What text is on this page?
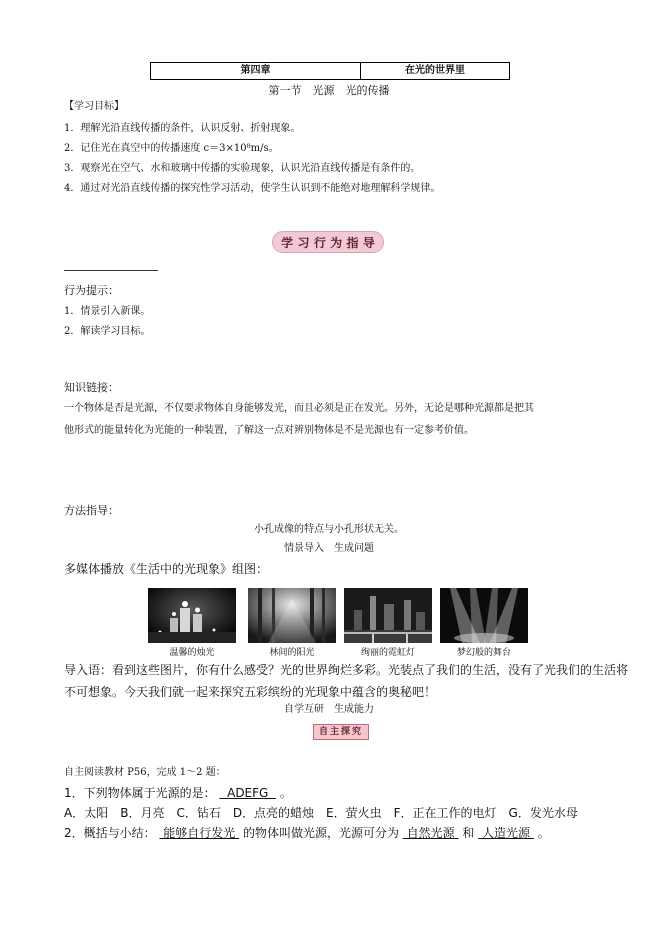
第四章	在光的世界里
第一节　光源　光的传播
【学习目标】
1．理解光沿直线传播的条件，认识反射、折射现象。
2．记住光在真空中的传播速度 c＝3×10⁸m/s。
3．观察光在空气、水和玻璃中传播的实验现象，认识光沿直线传播是有条件的。
4．通过对光沿直线传播的探究性学习活动，使学生认识到不能绝对地理解科学规律。
学 习 行 为 指 导
行为提示：
1．情景引入新课。
2．解读学习目标。
知识链接：
一个物体是否是光源，不仅要求物体自身能够发光，而且必须是正在发光。另外，无论是哪种光源都是把其
他形式的能量转化为光能的一种装置，了解这一点对辨别物体是不是光源也有一定参考价值。
方法指导：
小孔成像的特点与小孔形状无关。
情景导入　生成问题
多媒体播放《生活中的光现象》组图：
温馨的烛光	林间的阳光	绚丽的霓虹灯	梦幻般的舞台
导入语：看到这些图片，你有什么感受？光的世界绚烂多彩。光装点了我们的生活，没有了光我们的生活将
不可想象。今天我们就一起来探究五彩缤纷的光现象中蕴含的奥秘吧！
自学互研　生成能力
自主探究
自主阅读教材 P56，完成 1～2 题：
1．下列物体属于光源的是： ADEFG 。
A．太阳　B．月亮　C．钻石　D．点亮的蜡烛　E．萤火虫　F．正在工作的电灯　G．发光水母
2．概括与小结： 能够自行发光 的物体叫做光源，光源可分为 自然光源 和 人造光源 。
